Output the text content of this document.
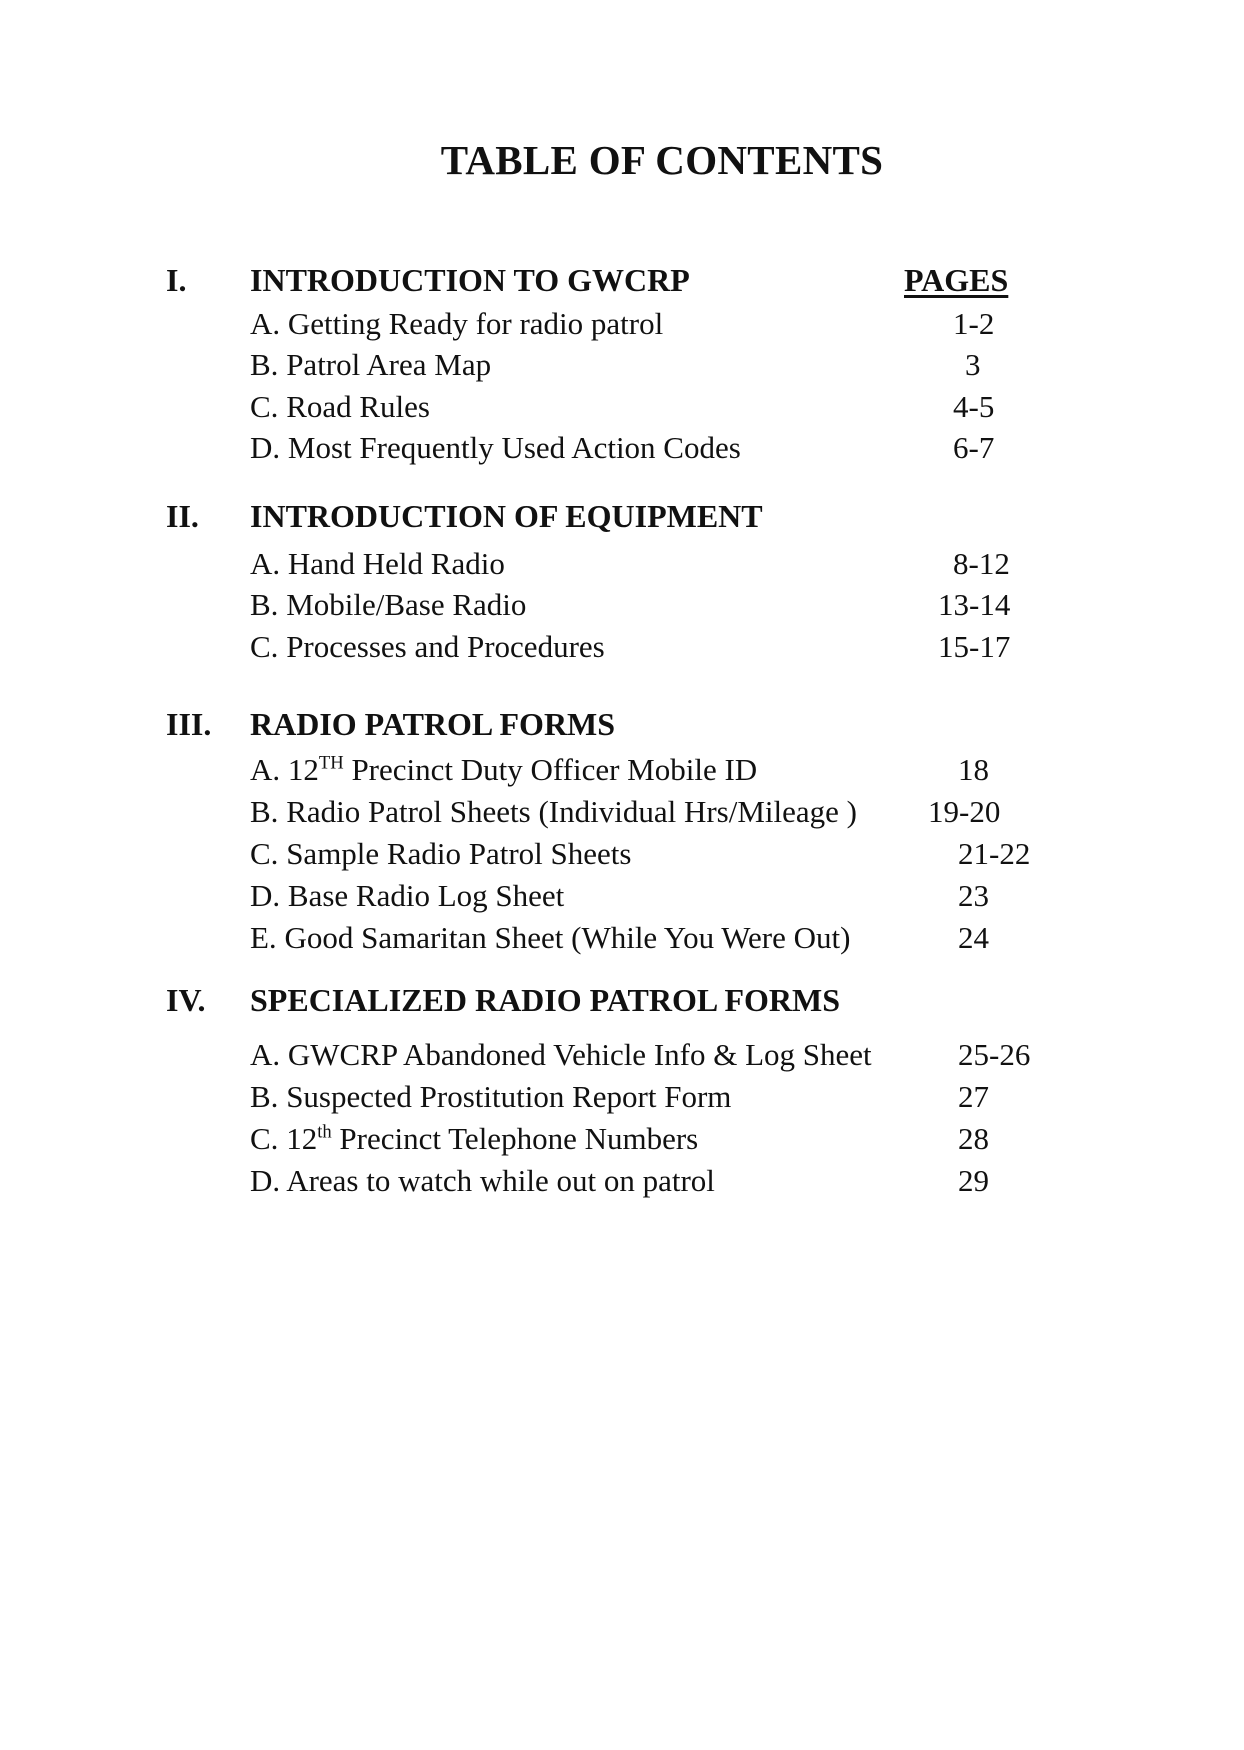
TABLE OF CONTENTS
I. INTRODUCTION TO GWCRP	PAGES
A. Getting Ready for radio patrol	1-2
B. Patrol Area Map	3
C. Road Rules	4-5
D. Most Frequently Used Action Codes	6-7
II. INTRODUCTION OF EQUIPMENT
A. Hand Held Radio	8-12
B. Mobile/Base Radio	13-14
C. Processes and Procedures	15-17
III. RADIO PATROL FORMS
A. 12TH Precinct Duty Officer Mobile ID	18
B. Radio Patrol Sheets (Individual Hrs/Mileage ) 19-20
C. Sample Radio Patrol Sheets	21-22
D. Base Radio Log Sheet	23
E. Good Samaritan Sheet (While You Were Out)	24
IV. SPECIALIZED RADIO PATROL FORMS
A. GWCRP Abandoned Vehicle Info & Log Sheet	25-26
B. Suspected Prostitution Report Form	27
C. 12th Precinct Telephone Numbers	28
D. Areas to watch while out on patrol	29
